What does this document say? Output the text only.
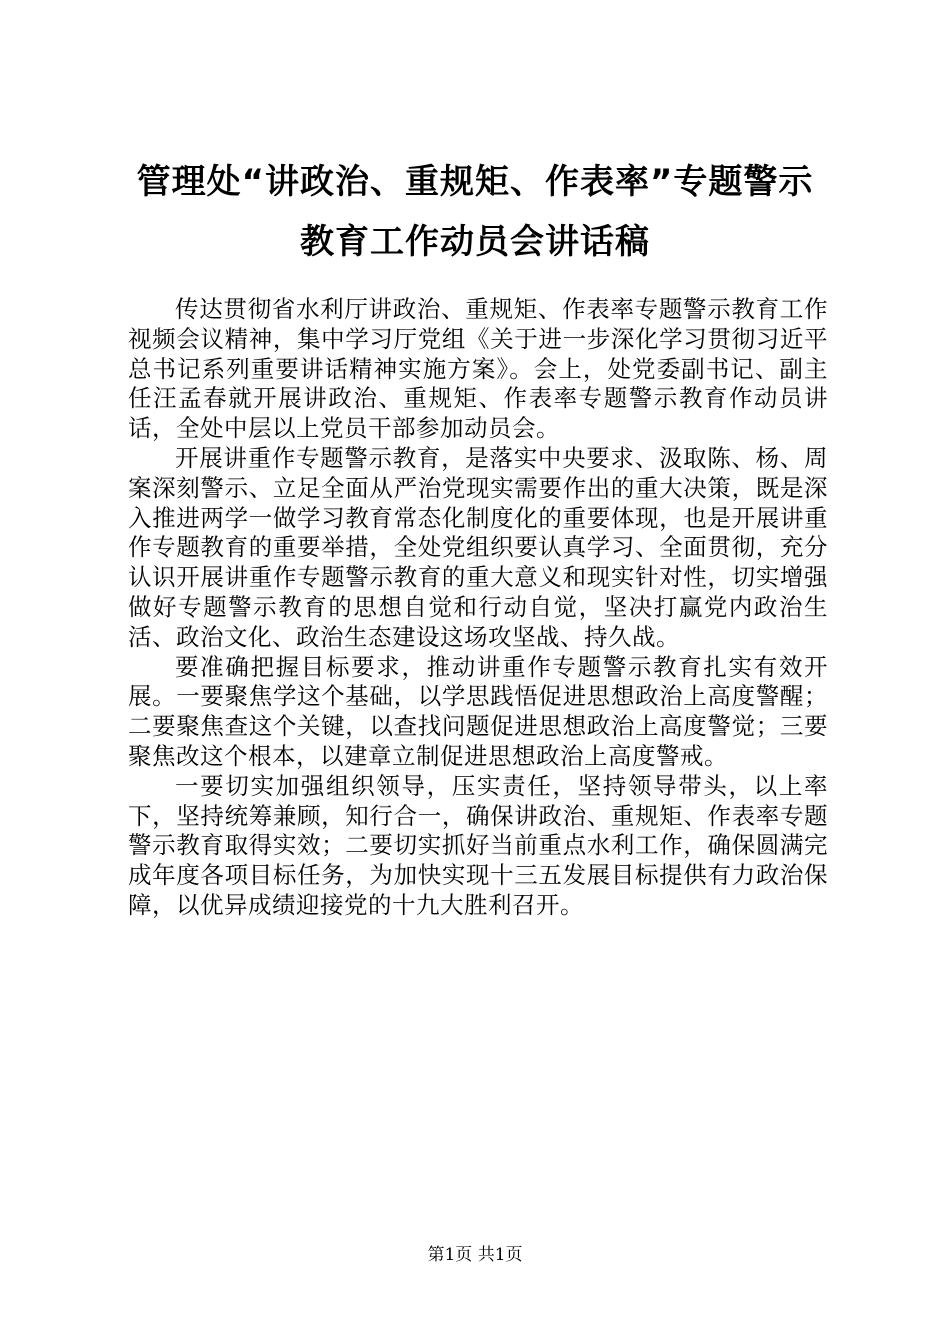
管理处“讲政治、重规矩、作表率”专题警示
教育工作动员会讲话稿

传达贯彻省水利厅讲政治、重规矩、作表率专题警示教育工作视频会议精神，集中学习厅党组《关于进一步深化学习贯彻习近平总书记系列重要讲话精神实施方案》。会上，处党委副书记、副主任汪孟春就开展讲政治、重规矩、作表率专题警示教育作动员讲话，全处中层以上党员干部参加动员会。

开展讲重作专题警示教育，是落实中央要求、汲取陈、杨、周案深刻警示、立足全面从严治党现实需要作出的重大决策，既是深入推进两学一做学习教育常态化制度化的重要体现，也是开展讲重作专题教育的重要举措，全处党组织要认真学习、全面贯彻，充分认识开展讲重作专题警示教育的重大意义和现实针对性，切实增强做好专题警示教育的思想自觉和行动自觉，坚决打赢党内政治生活、政治文化、政治生态建设这场攻坚战、持久战。

要准确把握目标要求，推动讲重作专题警示教育扎实有效开展。一要聚焦学这个基础，以学思践悟促进思想政治上高度警醒；二要聚焦查这个关键，以查找问题促进思想政治上高度警觉；三要聚焦改这个根本，以建章立制促进思想政治上高度警戒。

一要切实加强组织领导，压实责任，坚持领导带头，以上率下，坚持统筹兼顾，知行合一，确保讲政治、重规矩、作表率专题警示教育取得实效；二要切实抓好当前重点水利工作，确保圆满完成年度各项目标任务，为加快实现十三五发展目标提供有力政治保障，以优异成绩迎接党的十九大胜利召开。

第1页 共1页
